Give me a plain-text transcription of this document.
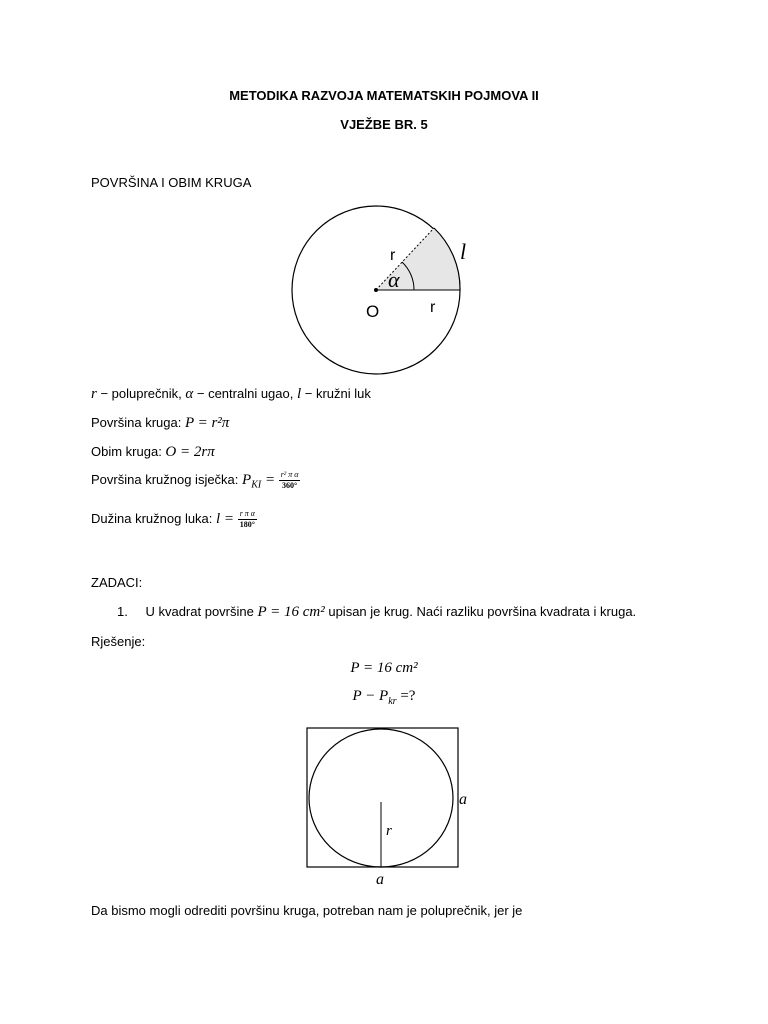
METODIKA RAZVOJA MATEMATSKIH POJMOVA II
VJEŽBE BR. 5
POVRŠINA I OBIM KRUGA
r
α
l
r
O
r − poluprečnik, α − centralni ugao, l − kružni luk
Površina kruga: P = r²π
Obim kruga: O = 2rπ
Površina kružnog isječka: $P_{KI} = \frac{\text{r² π α}}{360^\circ}$
Dužina kružnog luka: $l = \frac{\text{r π α}}{180^\circ}$
ZADACI:
1. U kvadrat površine P = 16 cm² upisan je krug. Naći razliku površina kvadrata i kruga.
Rješenje:
P = 16 cm²
$P - P_{kr}$ =?
a
r
a
Da bismo mogli odrediti površinu kruga, potreban nam je poluprečnik, jer je
